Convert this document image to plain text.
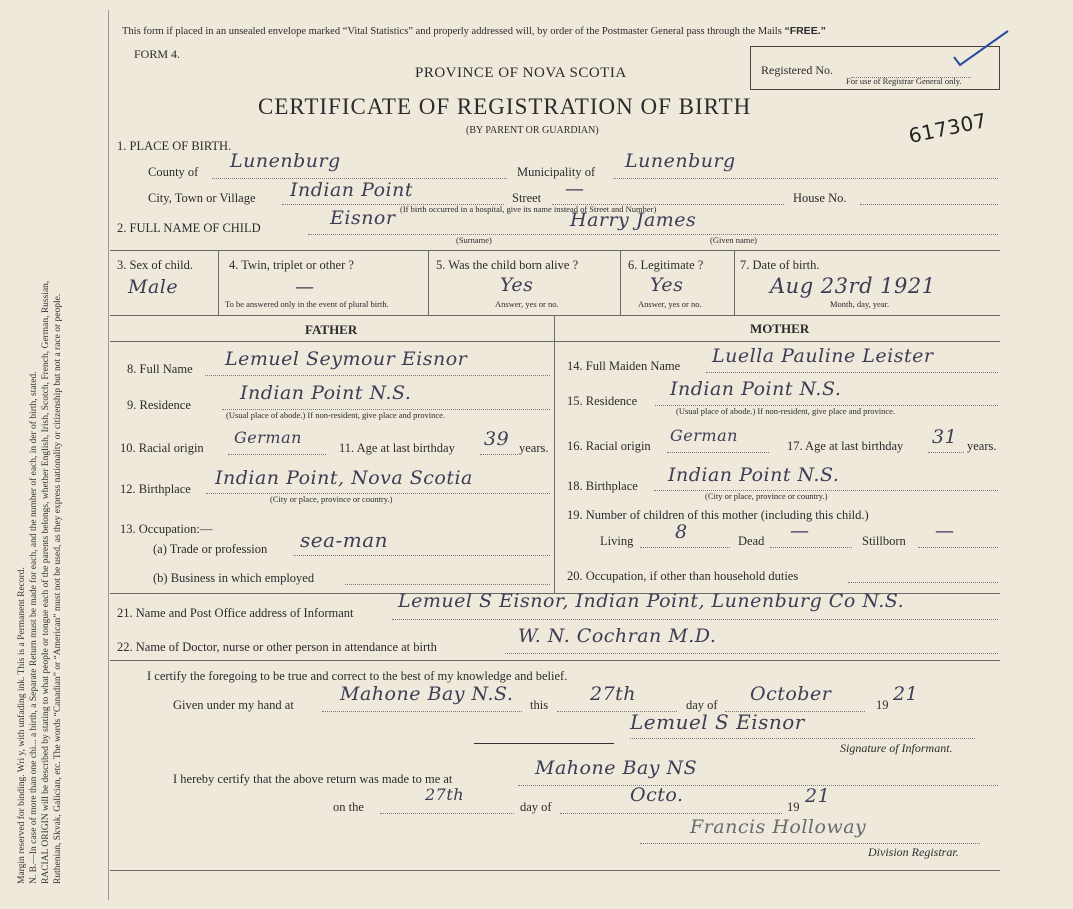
Margin reserved for binding. Wri y, with unfading ink. This is a Permanent Record. N. B.—In case of more than one chi... a birth, a Separate Return must be made for each, and the number of each, in der of birth, stated. RACIAL ORIGIN will be described by stating to what people or tongue each of the parents belongs, whether English, Irish, Scotch, French, German, Russian, Ruthenian, Skvak, Galician, etc. The words “Canadian” or “American” must not be used, as they express nationality or citizenship but not a race or people.
This form if placed in an unsealed envelope marked “Vital Statistics” and properly addressed will, by order of the Postmaster General pass through the Mails “FREE.”
FORM 4.
PROVINCE OF NOVA SCOTIA
CERTIFICATE OF REGISTRATION OF BIRTH
(BY PARENT OR GUARDIAN)
Registered No.
For use of Registrar General only.
617307
1. PLACE OF BIRTH.
County of Lunenburg	Municipality of Lunenburg
City, Town or Village Indian Point	Street —	House No.
(If birth occurred in a hospital, give its name instead of Street and Number)
2. FULL NAME OF CHILD	Eisnor	Harry James
(Surname)	(Given name)
3. Sex of child.
Male
4. Twin, triplet or other ?
—
To be answered only in the event of plural birth.
5. Was the child born alive ?
Yes
Answer, yes or no.
6. Legitimate ?
Yes
Answer, yes or no.
7. Date of birth.
Aug 23rd 1921
Month, day, year.
FATHER
8. Full Name Lemuel Seymour Eisnor
9. Residence
Indian Point N.S.
(Usual place of abode.) If non-resident, give place and province.
10. Racial origin
German
11. Age at last birthday 39 years.
12. Birthplace Indian Point, Nova Scotia
(City or place, province or country.)
13. Occupation:—
(a) Trade or profession sea-man
(b) Business in which employed
MOTHER
14. Full Maiden Name Luella Pauline Leister
15. Residence
Indian Point N.S.
(Usual place of abode.) If non-resident, give place and province.
16. Racial origin
German
17. Age at last birthday 31 years.
18. Birthplace Indian Point N.S.
(City or place, province or country.)
19. Number of children of this mother (including this child.)
Living 8	Dead —	Stillborn —
20. Occupation, if other than household duties
21. Name and Post Office address of Informant
Lemuel S Eisnor, Indian Point, Lunenburg Co N.S.
22. Name of Doctor, nurse or other person in attendance at birth	W. N. Cochran M.D.
I certify the foregoing to be true and correct to the best of my knowledge and belief.
Given under my hand at Mahone Bay N.S. this 27th	day of October	19 21
Lemuel S Eisnor
Signature of Informant.
I hereby certify that the above return was made to me at	Mahone Bay NS
on the
27th
day of
Octo.
19 21
Francis Holloway
Division Registrar.
